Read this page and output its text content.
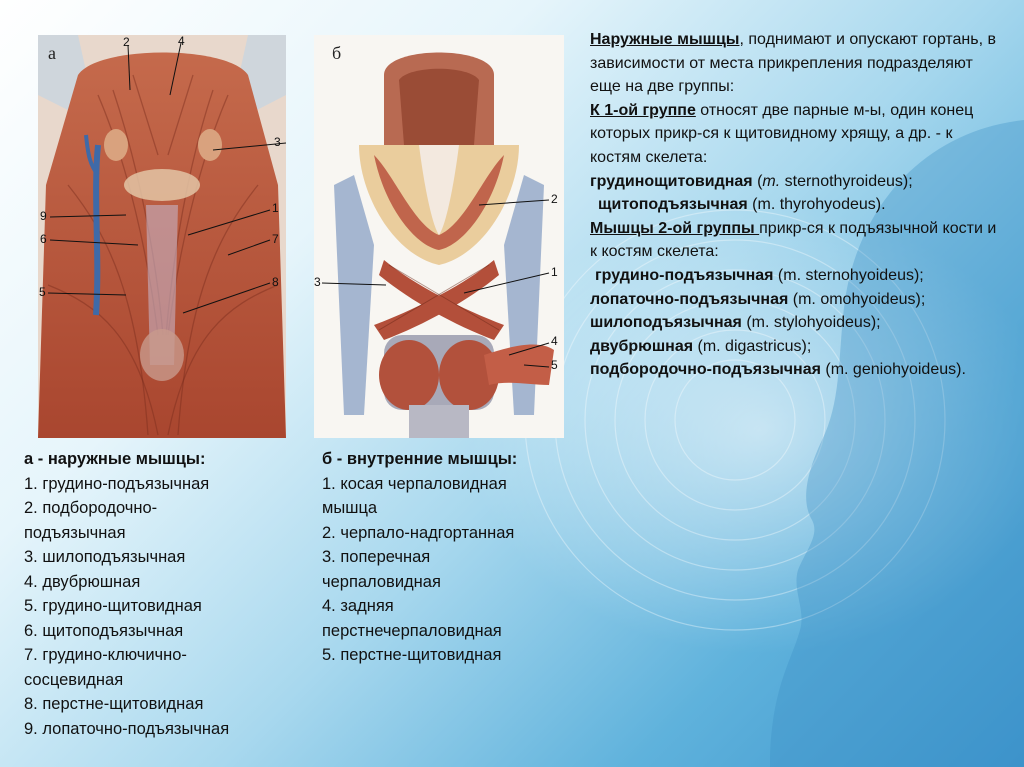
а
2	4
3
9
6
1
7
5
8
б
2
1
3
4
5
а - наружные мышцы:
1. грудино-подъязычная
2. подбородочно-
подъязычная
3. шилоподъязычная
4. двубрюшная
5. грудино-щитовидная
6. щитоподъязычная
7. грудино-ключично-
сосцевидная
8. перстне-щитовидная
9. лопаточно-подъязычная
б - внутренние мышцы:
1. косая черпаловидная
мышца
2. черпало-надгортанная
3. поперечная
черпаловидная
4. задняя
перстнечерпаловидная
5. перстне-щитовидная

Наружные мышцы, поднимают и опускают гортань, в зависимости от места прикрепления подразделяют еще на две группы:

К 1-ой группе относят две парные м-ы, один конец которых прикр-ся к щитовидному хрящу, а др. - к костям скелета:

грудинощитовидная (m. sternothyroideus);

щитоподъязычная (m. thyrohyodeus).

Мышцы 2-ой группы прикр-ся к подъязычной кости и к костям скелета:

грудино-подъязычная (m. sternohyoideus);

лопаточно-подъязычная (m. omohyoideus);

шилоподъязычная (m. stylohyoideus);

двубрюшная (m. digastricus);

подбородочно-подъязычная (m. geniohyoideus).
